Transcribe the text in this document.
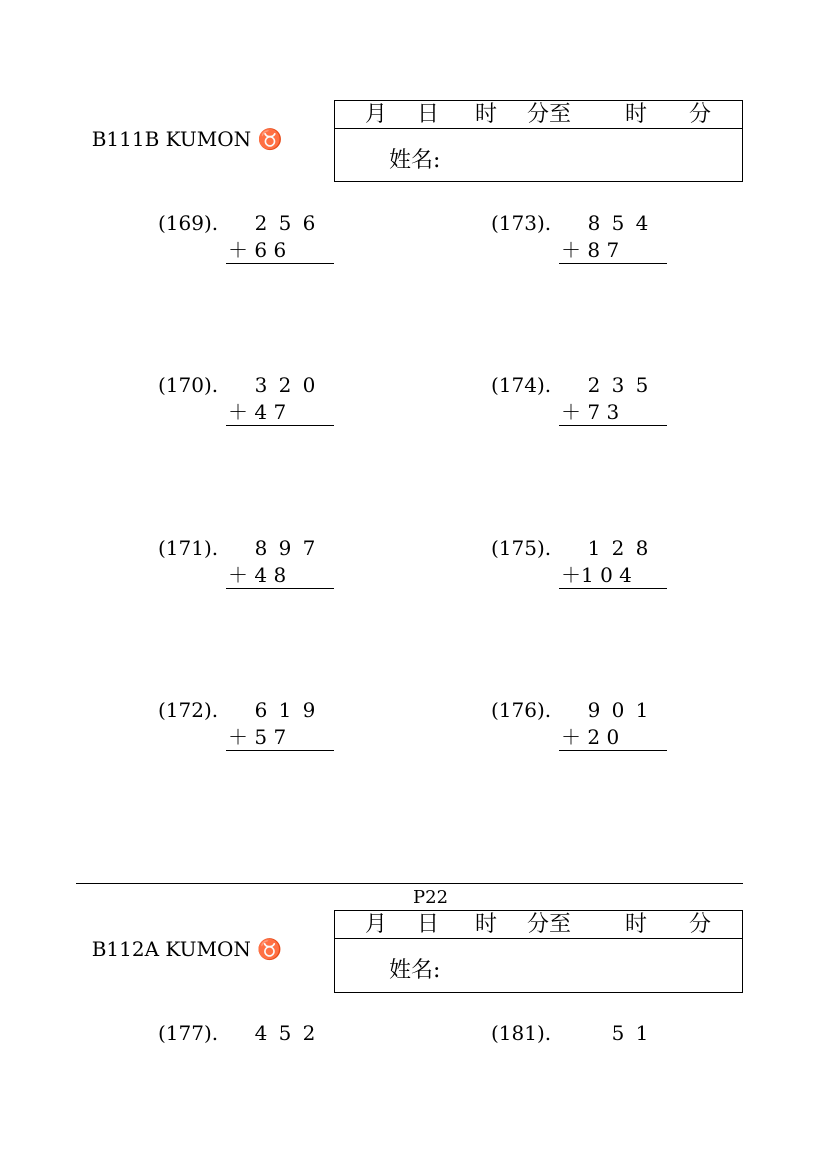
B111B KUMON ♉

月 日 时 分至 时 分
姓名:
(169). 2 5 6
＋ 6 6
(170). 3 2 0
＋ 4 7
(171). 8 9 7
＋ 4 8
(172). 6 1 9
＋ 5 7
(173). 8 5 4
＋ 8 7
(174). 2 3 5
＋ 7 3
(175). 1 2 8
＋1 0 4
(176). 9 0 1
＋ 2 0
P22

B112A KUMON ♉

月 日 时 分至 时 分
姓名:
(177). 4 5 2	(181).	5 1
